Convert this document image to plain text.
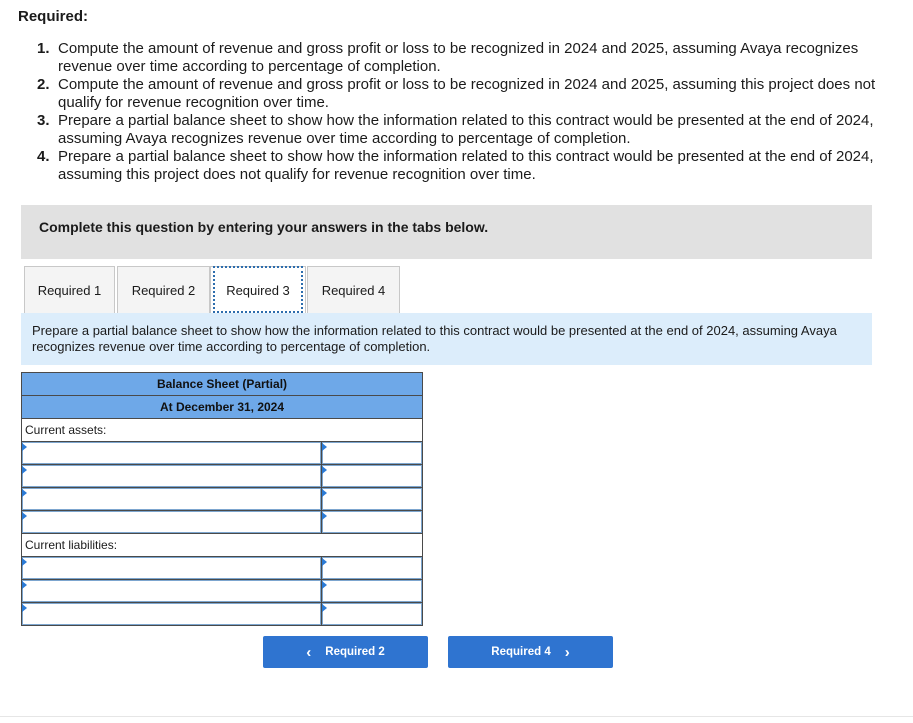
Required:
1. Compute the amount of revenue and gross profit or loss to be recognized in 2024 and 2025, assuming Avaya recognizes revenue over time according to percentage of completion.
2. Compute the amount of revenue and gross profit or loss to be recognized in 2024 and 2025, assuming this project does not qualify for revenue recognition over time.
3. Prepare a partial balance sheet to show how the information related to this contract would be presented at the end of 2024, assuming Avaya recognizes revenue over time according to percentage of completion.
4. Prepare a partial balance sheet to show how the information related to this contract would be presented at the end of 2024, assuming this project does not qualify for revenue recognition over time.
Complete this question by entering your answers in the tabs below.
Required 1	Required 2	Required 3	Required 4
Prepare a partial balance sheet to show how the information related to this contract would be presented at the end of 2024, assuming Avaya recognizes revenue over time according to percentage of completion.
Balance Sheet (Partial)	
At December 31, 2024	
Current assets:	

Current liabilities:	

‹ Required 2	Required 4 ›
